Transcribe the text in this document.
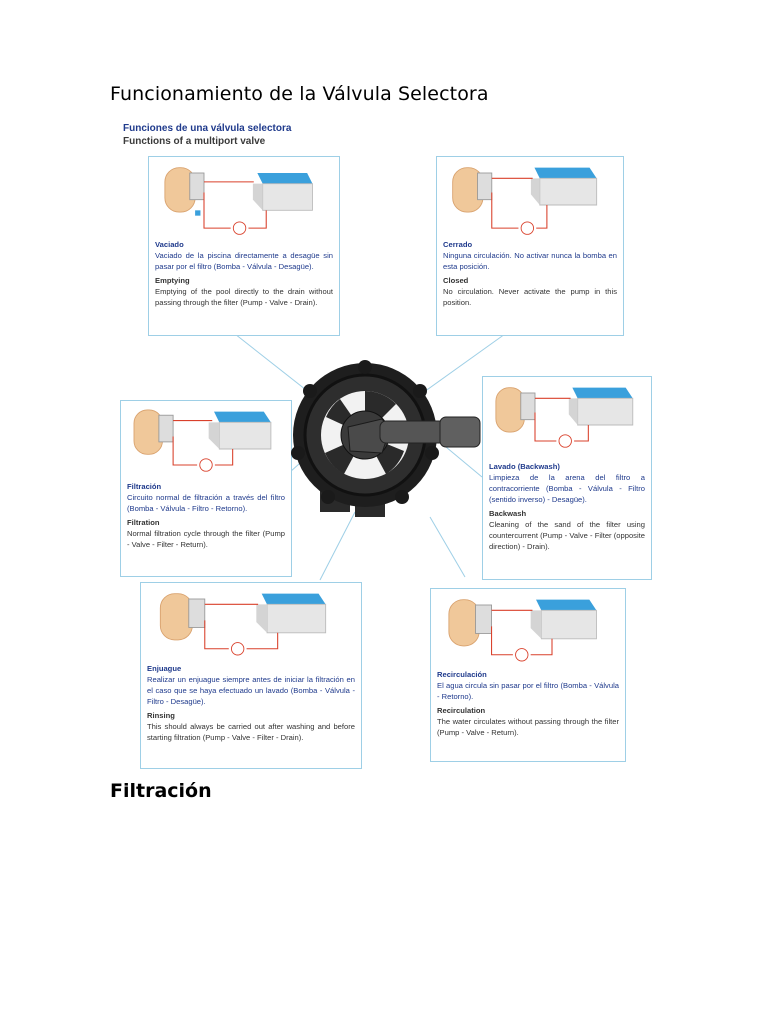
Funcionamiento de la Válvula Selectora
Funciones de una válvula selectora
Functions of a multiport valve
Vaciado
Vaciado de la piscina directamente a desagüe sin pasar por el filtro (Bomba - Válvula - Desagüe).
Emptying
Emptying of the pool directly to the drain without passing through the filter (Pump - Valve - Drain).
Cerrado
Ninguna circulación. No activar nunca la bomba en esta posición.
Closed
No circulation. Never activate the pump in this position.
Filtración
Circuito normal de filtración a través del filtro (Bomba - Válvula - Filtro - Retorno).
Filtration
Normal filtration cycle through the filter (Pump - Valve - Filter - Return).
Lavado (Backwash)
Limpieza de la arena del filtro a contracorriente (Bomba - Válvula - Filtro (sentido inverso) - Desagüe).
Backwash
Cleaning of the sand of the filter using countercurrent (Pump - Valve - Filter (opposite direction) - Drain).
Enjuague
Realizar un enjuague siempre antes de iniciar la filtración en el caso que se haya efectuado un lavado (Bomba - Válvula - Filtro - Desagüe).
Rinsing
This should always be carried out after washing and before starting filtration (Pump - Valve - Filter - Drain).
Recirculación
El agua circula sin pasar por el filtro (Bomba - Válvula - Retorno).
Recirculation
The water circulates without passing through the filter (Pump - Valve - Return).
Filtración
